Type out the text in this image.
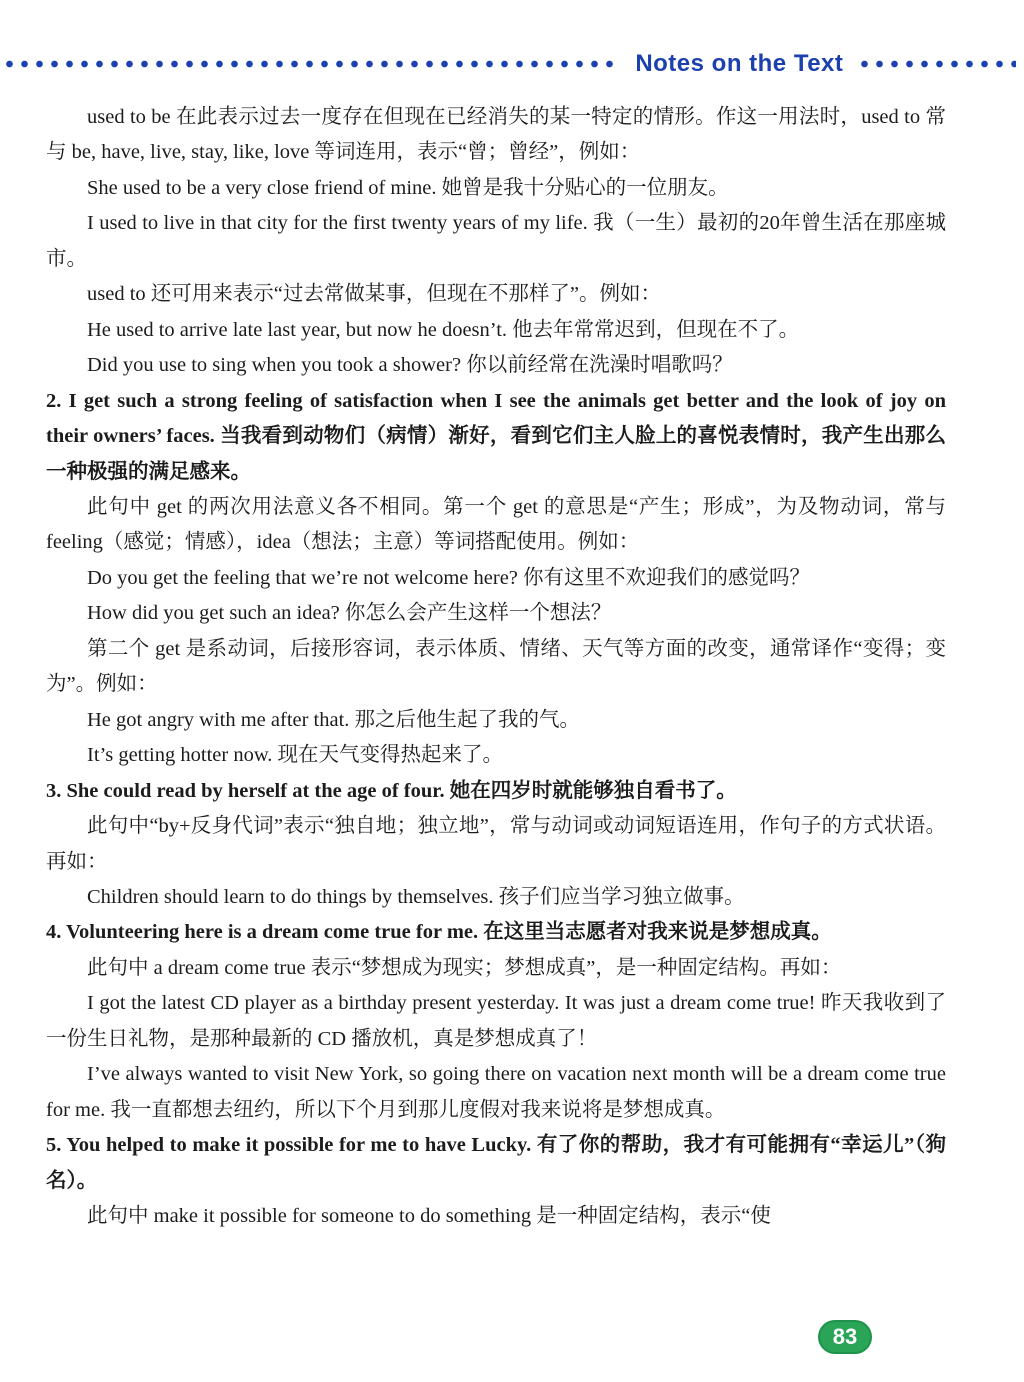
Notes on the Text

used to be 在此表示过去一度存在但现在已经消失的某一特定的情形。作这一用法时，used to 常与 be, have, live, stay, like, love 等词连用，表示“曾；曾经”，例如：

She used to be a very close friend of mine. 她曾是我十分贴心的一位朋友。

I used to live in that city for the first twenty years of my life. 我（一生）最初的20年曾生活在那座城市。

used to 还可用来表示“过去常做某事，但现在不那样了”。例如：

He used to arrive late last year, but now he doesn’t. 他去年常常迟到，但现在不了。

Did you use to sing when you took a shower? 你以前经常在洗澡时唱歌吗？

2. I get such a strong feeling of satisfaction when I see the animals get better and the look of joy on their owners’ faces. 当我看到动物们（病情）渐好，看到它们主人脸上的喜悦表情时，我产生出那么一种极强的满足感来。

此句中 get 的两次用法意义各不相同。第一个 get 的意思是“产生；形成”，为及物动词，常与 feeling（感觉；情感），idea（想法；主意）等词搭配使用。例如：

Do you get the feeling that we’re not welcome here? 你有这里不欢迎我们的感觉吗？

How did you get such an idea? 你怎么会产生这样一个想法？

第二个 get 是系动词，后接形容词，表示体质、情绪、天气等方面的改变，通常译作“变得；变为”。例如：

He got angry with me after that. 那之后他生起了我的气。

It’s getting hotter now. 现在天气变得热起来了。

3. She could read by herself at the age of four. 她在四岁时就能够独自看书了。

此句中“by+反身代词”表示“独自地；独立地”，常与动词或动词短语连用，作句子的方式状语。再如：

Children should learn to do things by themselves. 孩子们应当学习独立做事。

4. Volunteering here is a dream come true for me. 在这里当志愿者对我来说是梦想成真。

此句中 a dream come true 表示“梦想成为现实；梦想成真”，是一种固定结构。再如：

I got the latest CD player as a birthday present yesterday. It was just a dream come true! 昨天我收到了一份生日礼物，是那种最新的 CD 播放机，真是梦想成真了！

I’ve always wanted to visit New York, so going there on vacation next month will be a dream come true for me. 我一直都想去纽约，所以下个月到那儿度假对我来说将是梦想成真。

5. You helped to make it possible for me to have Lucky. 有了你的帮助，我才有可能拥有“幸运儿”（狗名）。

此句中 make it possible for someone to do something 是一种固定结构，表示“使

83
